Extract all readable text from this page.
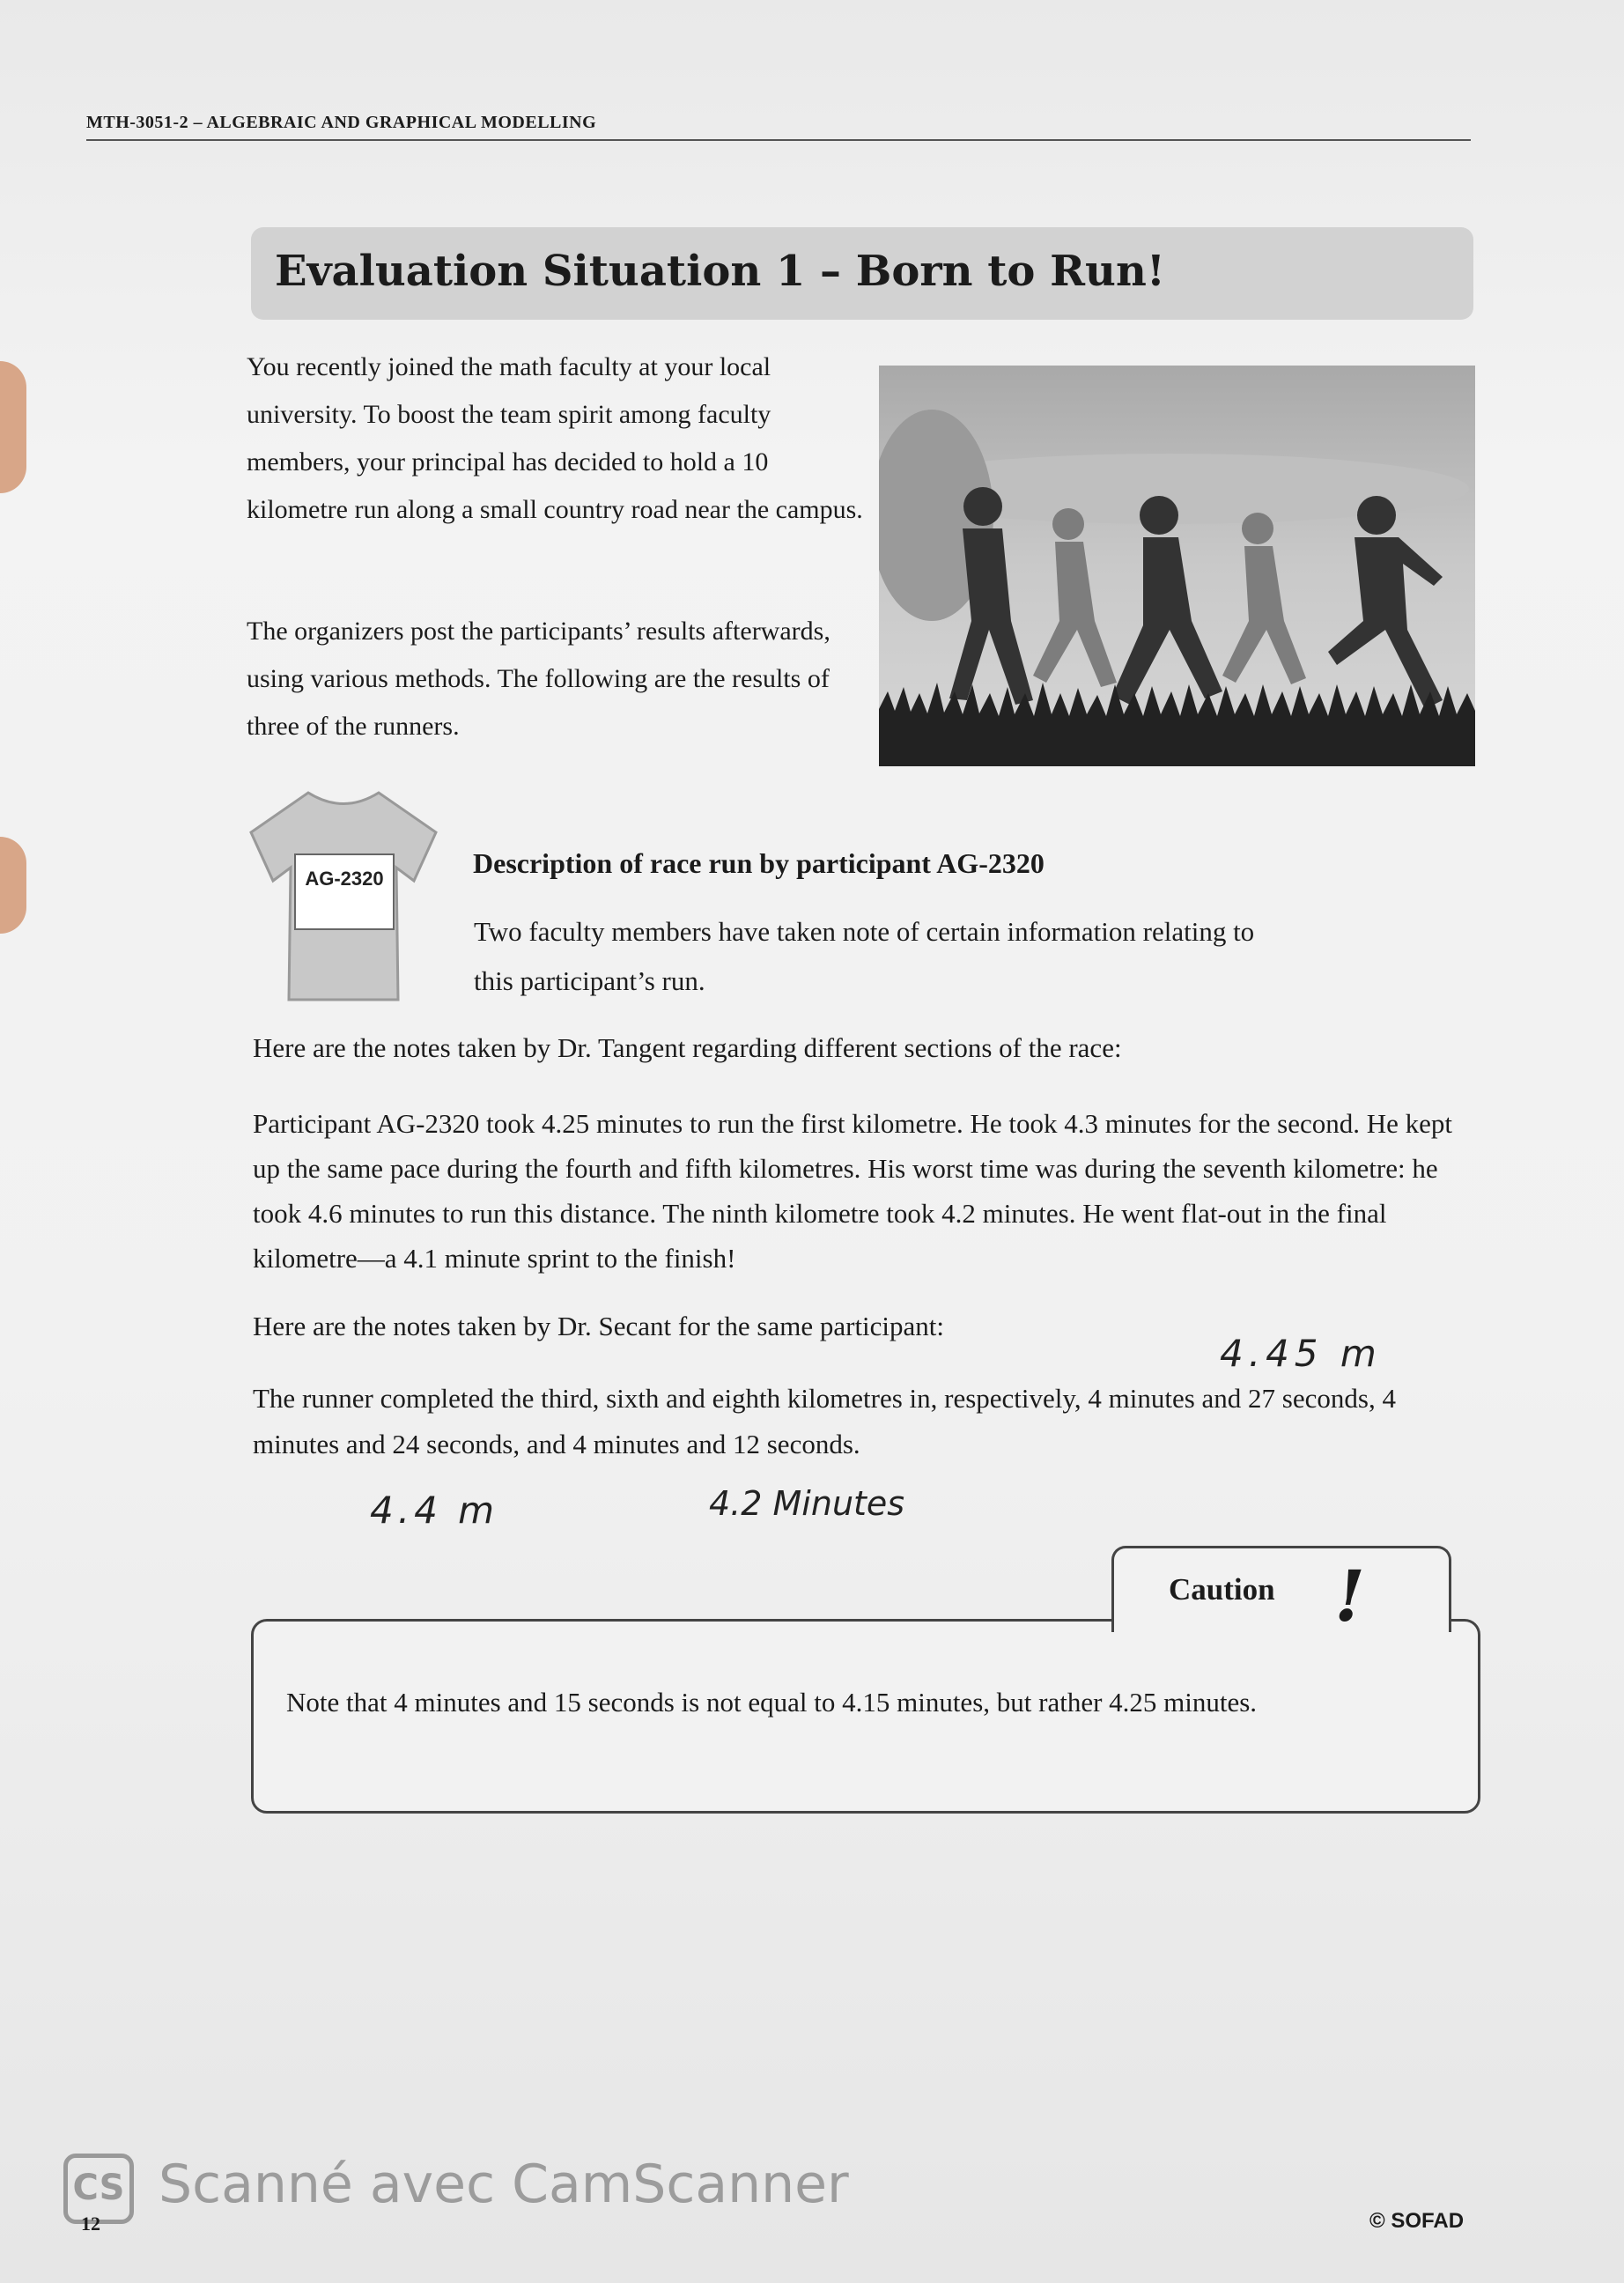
MTH-3051-2 – ALGEBRAIC AND GRAPHICAL MODELLING
Evaluation Situation 1 – Born to Run!
You recently joined the math faculty at your local university. To boost the team spirit among faculty members, your principal has decided to hold a 10 kilometre run along a small country road near the campus.
The organizers post the participants’ results afterwards, using various methods. The following are the results of three of the runners.
AG-2320	Description of race run by participant AG-2320
Two faculty members have taken note of certain information relating to this participant’s run.
Here are the notes taken by Dr. Tangent regarding different sections of the race:
Participant AG-2320 took 4.25 minutes to run the first kilometre. He took 4.3 minutes for the second. He kept up the same pace during the fourth and fifth kilometres. His worst time was during the seventh kilometre: he took 4.6 minutes to run this distance. The ninth kilometre took 4.2 minutes. He went flat-out in the final kilometre—a 4.1 minute sprint to the finish!
Here are the notes taken by Dr. Secant for the same participant:
The runner completed the third, sixth and eighth kilometres in, respectively, 4 minutes and 27 seconds, 4 minutes and 24 seconds, and 4 minutes and 12 seconds.
4.45 m
4.4 m	4.2 Minutes
Caution !
Note that 4 minutes and 15 seconds is not equal to 4.15 minutes, but rather 4.25 minutes.
CS Scanné avec CamScanner
12	© SOFAD
